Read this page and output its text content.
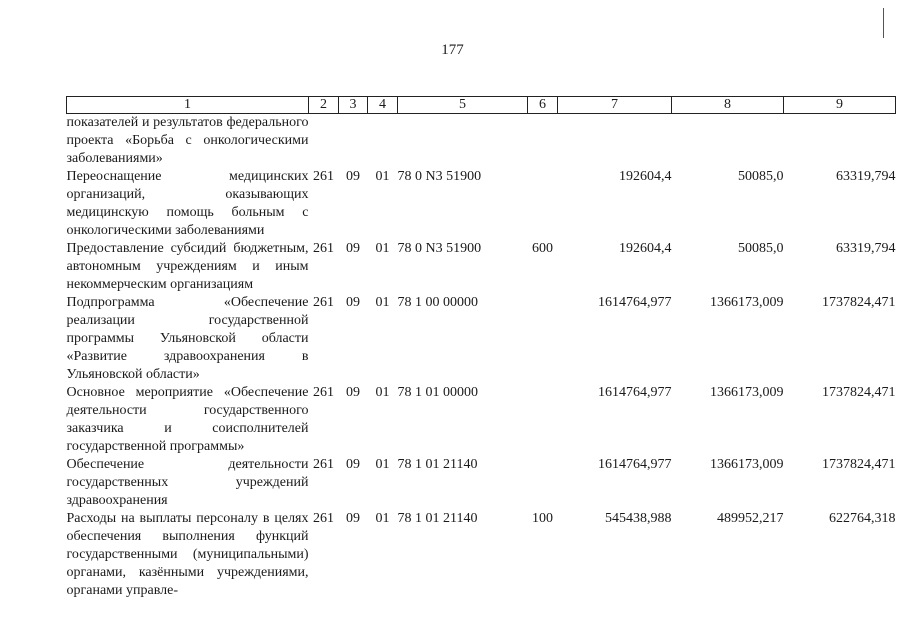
177
1	2	3	4	5	6	7	8	9
показателей и результатов федерального проекта «Борьба с онкологическими заболеваниями»								
Переоснащение медицинских организаций, оказывающих медицинскую помощь больным с онкологическими заболеваниями	261	09	01	78 0 N3 51900		192604,4	50085,0	63319,794
Предоставление субсидий бюджетным, автономным учреждениям и иным некоммерческим организациям	261	09	01	78 0 N3 51900	600	192604,4	50085,0	63319,794
Подпрограмма «Обеспечение реализации государственной программы Ульяновской области «Развитие здравоохранения в Ульяновской области»	261	09	01	78 1 00 00000		1614764,977	1366173,009	1737824,471
Основное мероприятие «Обеспечение деятельности государственного заказчика и соисполнителей государственной программы»	261	09	01	78 1 01 00000		1614764,977	1366173,009	1737824,471
Обеспечение деятельности государственных учреждений здравоохранения	261	09	01	78 1 01 21140		1614764,977	1366173,009	1737824,471
Расходы на выплаты персоналу в целях обеспечения выполнения функций государственными (муниципальными) органами, казёнными учреждениями, органами управле-	261	09	01	78 1 01 21140	100	545438,988	489952,217	622764,318
